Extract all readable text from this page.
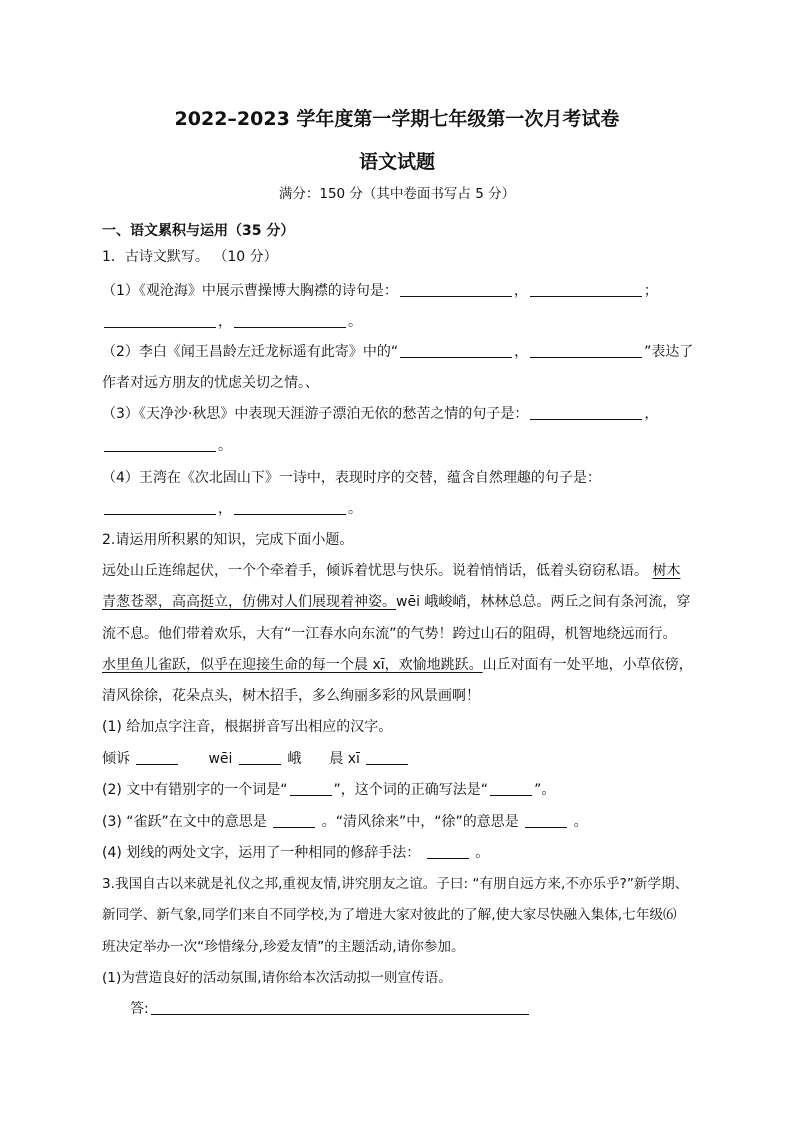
2022–2023 学年度第一学期七年级第一次月考试卷
语文试题
满分：150 分（其中卷面书写占 5 分）
一、语文累积与运用（35 分）
1．古诗文默写。 （10 分）
（1）《观沧海》中展示曹操博大胸襟的诗句是：	，	；
，	。
（2）李白《闻王昌龄左迁龙标遥有此寄》中的“	，	”表达了
作者对远方朋友的忧虑关切之情。、
（3）《天净沙·秋思》中表现天涯游子漂泊无依的愁苦之情的句子是：	，
。
（4）王湾在《次北固山下》一诗中，表现时序的交替，蕴含自然理趣的句子是：
，	。
2.请运用所积累的知识，完成下面小题。
远处山丘连绵起伏，一个个牵着手，倾诉着忧思与快乐。说着悄悄话，低着头窃窃私语。 树木
青葱苍翠，高高挺立，仿佛对人们展现着神姿。wēi 峨峻峭，林林总总。两丘之间有条河流，穿
流不息。他们带着欢乐，大有“一江春水向东流”的气势！跨过山石的阻碍，机智地绕远而行。
水里鱼儿雀跃，似乎在迎接生命的每一个晨 xī，欢愉地跳跃。山丘对面有一处平地，小草依傍，
清风徐徐，花朵点头，树木招手，多么绚丽多彩的风景画啊！
(1) 给加点字注音，根据拼音写出相应的汉字。
倾诉	wēi	峨 晨 xī
(2) 文中有错别字的一个词是“	”，这个词的正确写法是“	”。
(3) “雀跃”在文中的意思是	。“清风徐来”中，“徐”的意思是	。
(4) 划线的两处文字，运用了一种相同的修辞手法：	。
3.我国自古以来就是礼仪之邦,重视友情,讲究朋友之谊。子曰: “有朋自远方来,不亦乐乎?”新学期、
新同学、新气象,同学们来自不同学校,为了增进大家对彼此的了解,使大家尽快融入集体,七年级⑹
班决定举办一次“珍惜缘分,珍爱友情”的主题活动,请你参加。
(1)为营造良好的活动氛围,请你给本次活动拟一则宣传语。
答:
